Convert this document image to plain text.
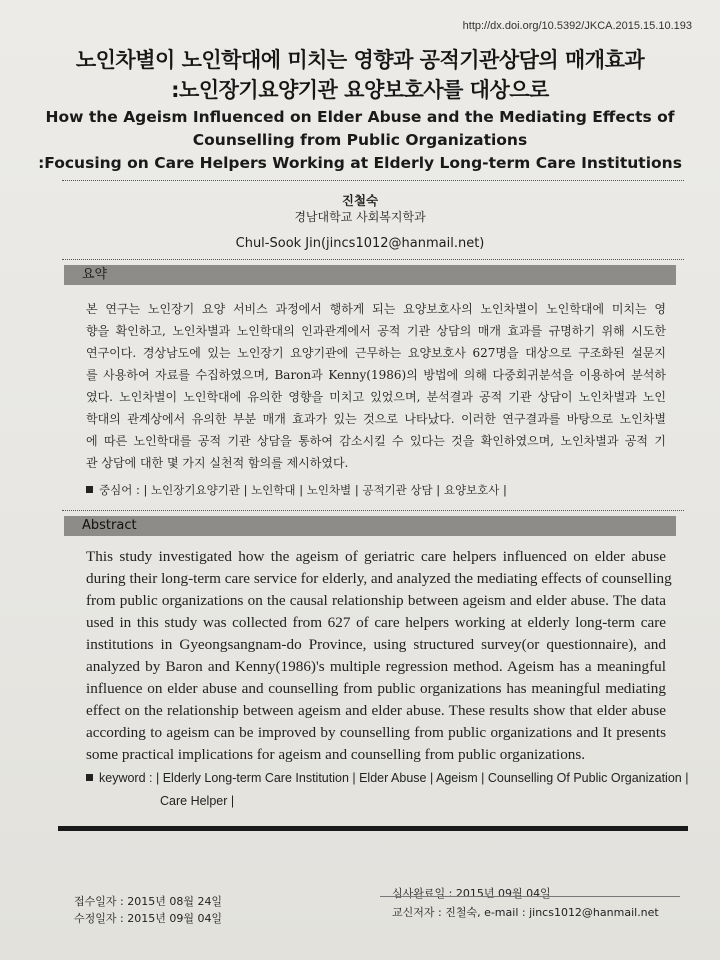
http://dx.doi.org/10.5392/JKCA.2015.15.10.193
노인차별이 노인학대에 미치는 영향과 공적기관상담의 매개효과
:노인장기요양기관 요양보호사를 대상으로
How the Ageism Influenced on Elder Abuse and the Mediating Effects of
Counselling from Public Organizations
:Focusing on Care Helpers Working at Elderly Long-term Care Institutions
진철숙
경남대학교 사회복지학과
Chul-Sook Jin(jincs1012@hanmail.net)
요약
본 연구는 노인장기 요양 서비스 과정에서 행하게 되는 요양보호사의 노인차별이 노인학대에 미치는 영
향을 확인하고, 노인차별과 노인학대의 인과관계에서 공적 기관 상담의 매개 효과를 규명하기 위해 시도한
연구이다. 경상남도에 있는 노인장기 요양기관에 근무하는 요양보호사 627명을 대상으로 구조화된 설문지
를 사용하여 자료를 수집하였으며, Baron과 Kenny(1986)의 방법에 의해 다중회귀분석을 이용하여 분석하
였다. 노인차별이 노인학대에 유의한 영향을 미치고 있었으며, 분석결과 공적 기관 상담이 노인차별과 노인
학대의 관계상에서 유의한 부분 매개 효과가 있는 것으로 나타났다. 이러한 연구결과를 바탕으로 노인차별
에 따른 노인학대를 공적 기관 상담을 통하여 감소시킬 수 있다는 것을 확인하였으며, 노인차별과 공적 기
관 상담에 대한 몇 가지 실천적 함의를 제시하였다.
중심어 : | 노인장기요양기관 | 노인학대 | 노인차별 | 공적기관 상담 | 요양보호사 |
Abstract
This study investigated how the ageism of geriatric care helpers influenced on elder abuse
during their long-term care service for elderly, and analyzed the mediating effects of counselling
from public organizations on the causal relationship between ageism and elder abuse. The data
used in this study was collected from 627 of care helpers working at elderly long-term care
institutions in Gyeongsangnam-do Province, using structured survey(or questionnaire), and
analyzed by Baron and Kenny(1986)'s multiple regression method. Ageism has a meaningful
influence on elder abuse and counselling from public organizations has meaningful mediating
effect on the relationship between ageism and elder abuse. These results show that elder abuse
according to ageism can be improved by counselling from public organizations and It presents
some practical implications for ageism and counselling from public organizations.
keyword : | Elderly Long-term Care Institution | Elder Abuse | Ageism | Counselling Of Public Organization |
Care Helper |
접수일자 : 2015년 08월 24일
심사완료일 : 2015년 09월 04일
수정일자 : 2015년 09월 04일	교신저자 : 진철숙, e-mail : jincs1012@hanmail.net
